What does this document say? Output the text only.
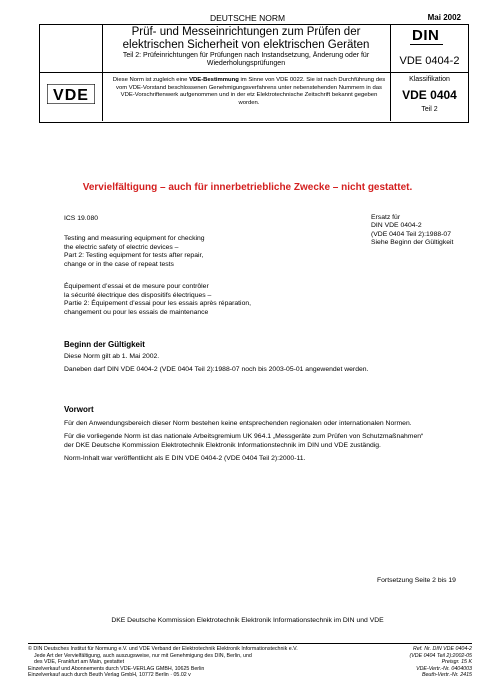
DEUTSCHE NORM	Mai 2002
Prüf- und Messeinrichtungen zum Prüfen der elektrischen Sicherheit von elektrischen Geräten
Teil 2: Prüfeinrichtungen für Prüfungen nach Instandsetzung, Änderung oder für Wiederholungsprüfungen
DIN
VDE 0404-2
VDE
Diese Norm ist zugleich eine VDE-Bestimmung im Sinne von VDE 0022. Sie ist nach Durchführung des vom VDE-Vorstand beschlossenen Genehmigungsverfahrens unter nebenstehenden Nummern in das VDE-Vorschriftenwerk aufgenommen und in der etz Elektrotechnische Zeitschrift bekannt gegeben worden.
Klassifikation
VDE 0404
Teil 2
Vervielfältigung – auch für innerbetriebliche Zwecke – nicht gestattet.
ICS 19.080	Ersatz für
DIN VDE 0404-2
(VDE 0404 Teil 2):1988-07
Siehe Beginn der Gültigkeit
Testing and measuring equipment for checking
the electric safety of electric devices –
Part 2: Testing equipment for tests after repair,
change or in the case of repeat tests
Équipement d’essai et de mesure pour contrôler
la sécurité électrique des dispositifs électriques –
Partie 2: Équipement d’essai pour les essais après réparation,
changement ou pour les essais de maintenance
Beginn der Gültigkeit
Diese Norm gilt ab 1. Mai 2002.
Daneben darf DIN VDE 0404-2 (VDE 0404 Teil 2):1988-07 noch bis 2003-05-01 angewendet werden.
Vorwort
Für den Anwendungsbereich dieser Norm bestehen keine entsprechenden regionalen oder internationalen Normen.
Für die vorliegende Norm ist das nationale Arbeitsgremium UK 964.1 „Messgeräte zum Prüfen von Schutzmaßnahmen“
der DKE Deutsche Kommission Elektrotechnik Elektronik Informationstechnik im DIN und VDE zuständig.
Norm-Inhalt war veröffentlicht als E DIN VDE 0404-2 (VDE 0404 Teil 2):2000-11.
Fortsetzung Seite 2 bis 19
DKE Deutsche Kommission Elektrotechnik Elektronik Informationstechnik im DIN und VDE
© DIN Deutsches Institut für Normung e.V. und VDE Verband der Elektrotechnik Elektronik Informationstechnik e.V.
Jede Art der Vervielfältigung, auch auszugsweise, nur mit Genehmigung des DIN, Berlin, und
des VDE, Frankfurt am Main, gestattet
Einzelverkauf und Abonnements durch VDE-VERLAG GMBH, 10625 Berlin
Einzelverkauf auch durch Beuth Verlag GmbH, 10772 Berlin · 05.02 v
Ref. Nr. DIN VDE 0404-2
(VDE 0404 Teil 2):2002-05
Preisgr. 15 K
VDE-Vertr.-Nr. 0404003
Beuth-Vertr.-Nr. 2415
